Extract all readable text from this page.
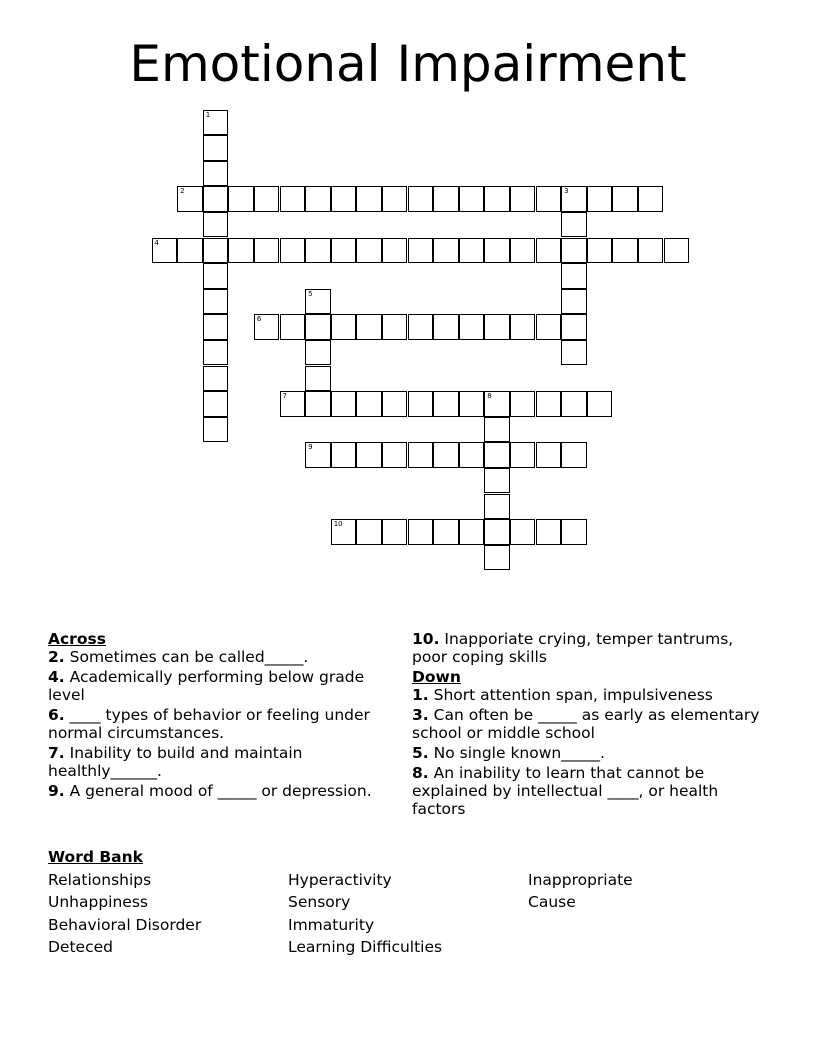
Emotional Impairment
1
2	3
4
5
6
7	8
9
10
Across
2. Sometimes can be called_____.
4. Academically performing below grade level
6. ____ types of behavior or feeling under normal circumstances.
7. Inability to build and maintain healthly______.
9. A general mood of _____ or depression.
10. Inapporiate crying, temper tantrums, poor coping skills
Down
1. Short attention span, impulsiveness
3. Can often be _____ as early as elementary school or middle school
5. No single known_____.
8. An inability to learn that cannot be explained by intellectual ____, or health factors
Word Bank
Relationships
Unhappiness
Behavioral Disorder
Deteced
Hyperactivity
Sensory
Immaturity
Learning Difficulties
Inappropriate
Cause
